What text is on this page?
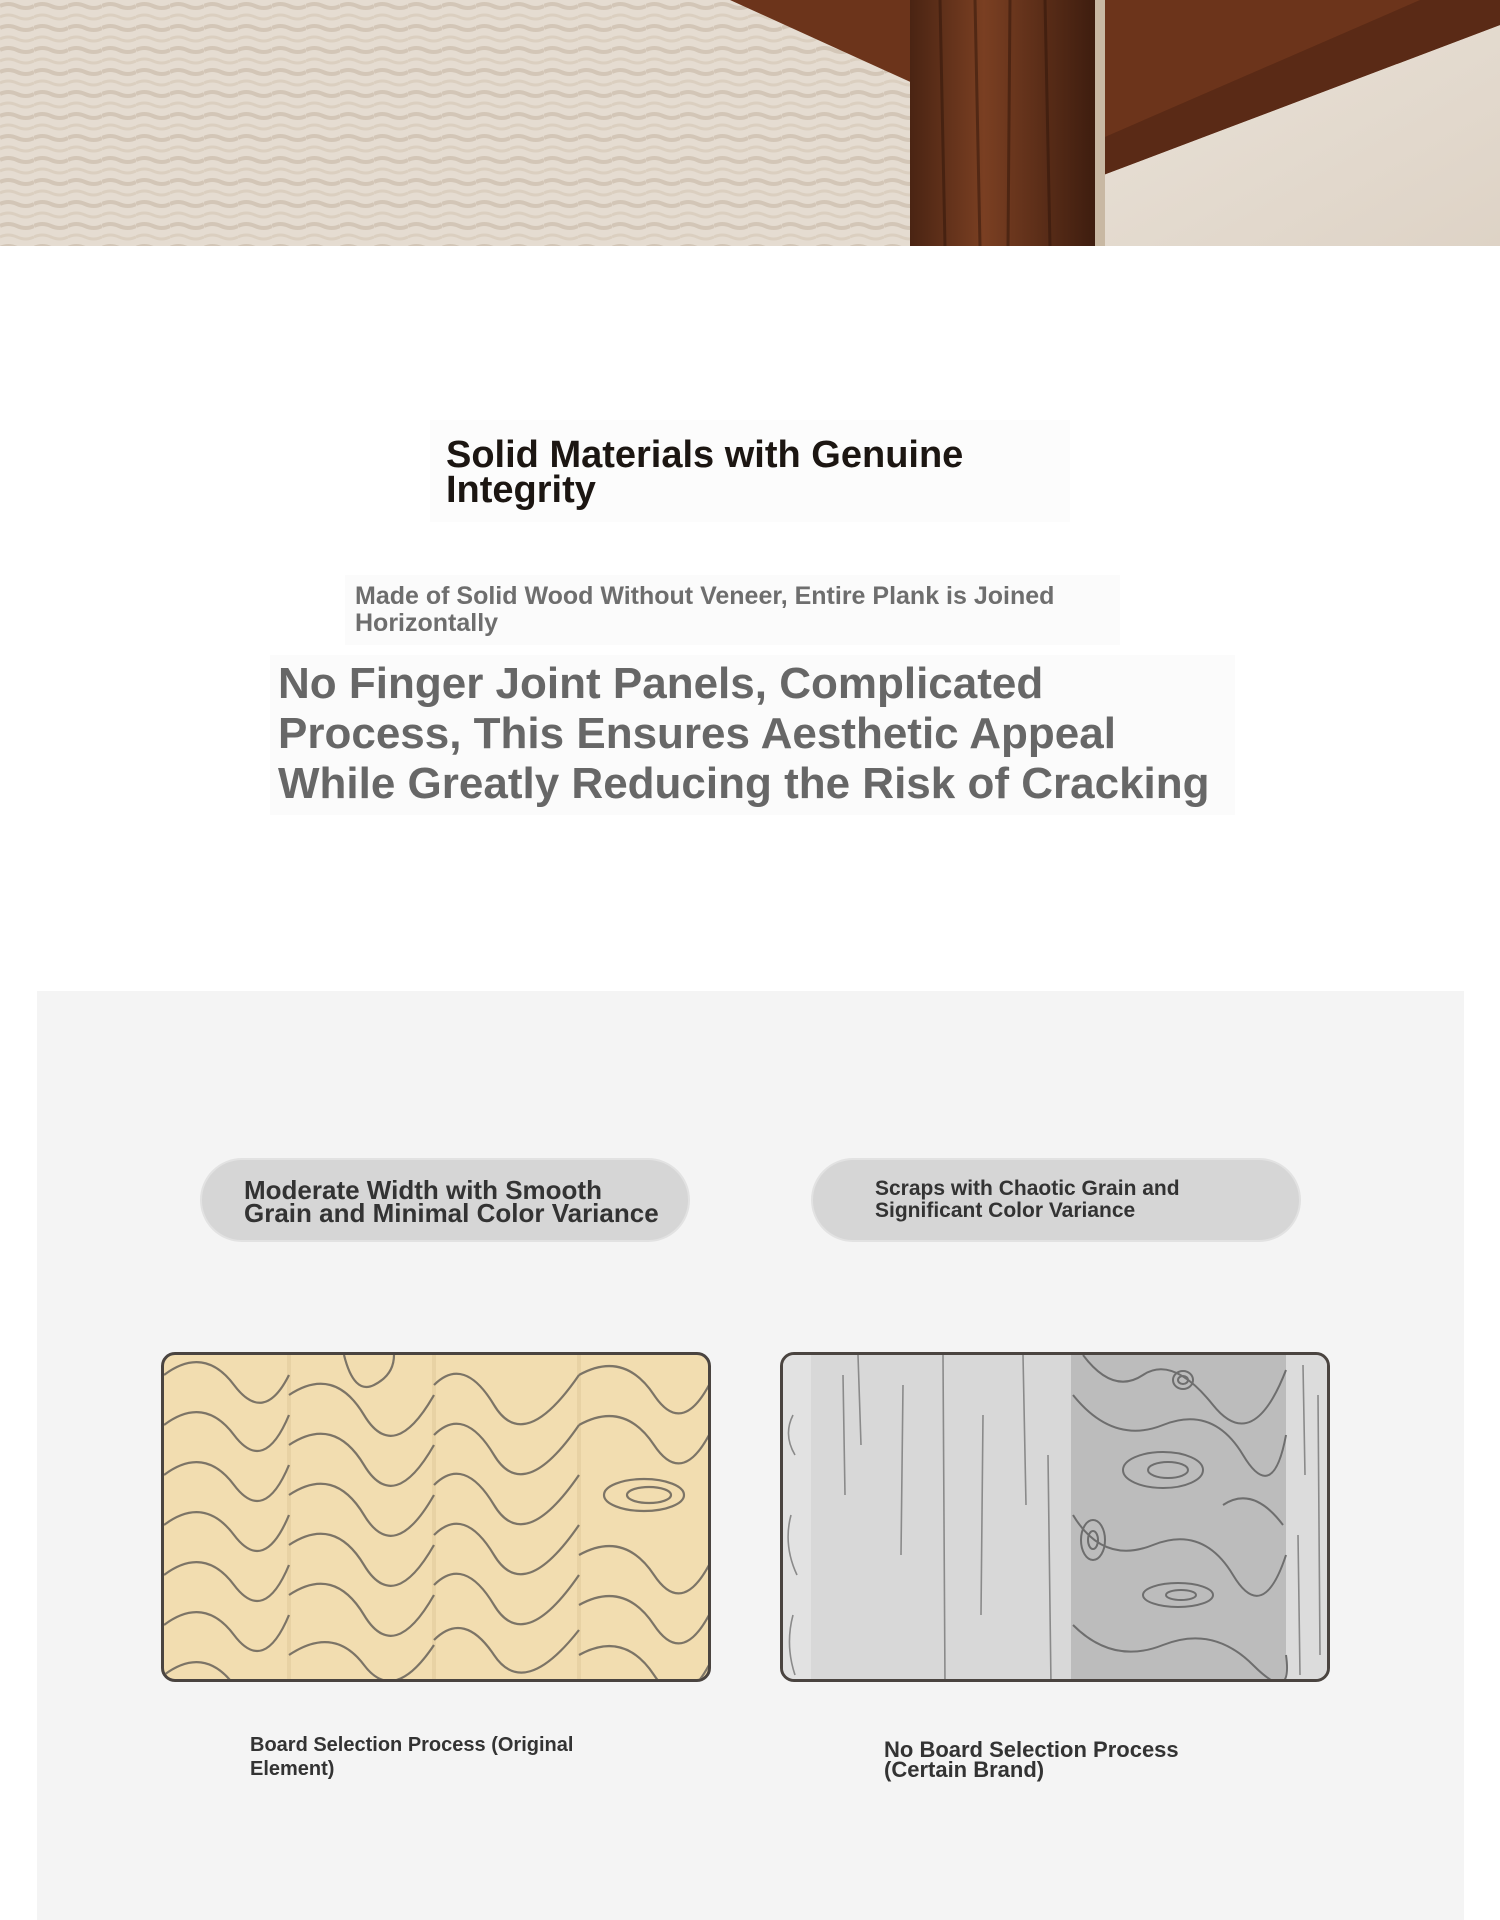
Solid Materials with Genuine
Integrity
Made of Solid Wood Without Veneer, Entire Plank is Joined
Horizontally
No Finger Joint Panels, Complicated
Process, This Ensures Aesthetic Appeal
While Greatly Reducing the Risk of Cracking
Moderate Width with Smooth
Grain and Minimal Color Variance
Scraps with Chaotic Grain and
Significant Color Variance
Board Selection Process (Original
Element)
No Board Selection Process
(Certain Brand)
